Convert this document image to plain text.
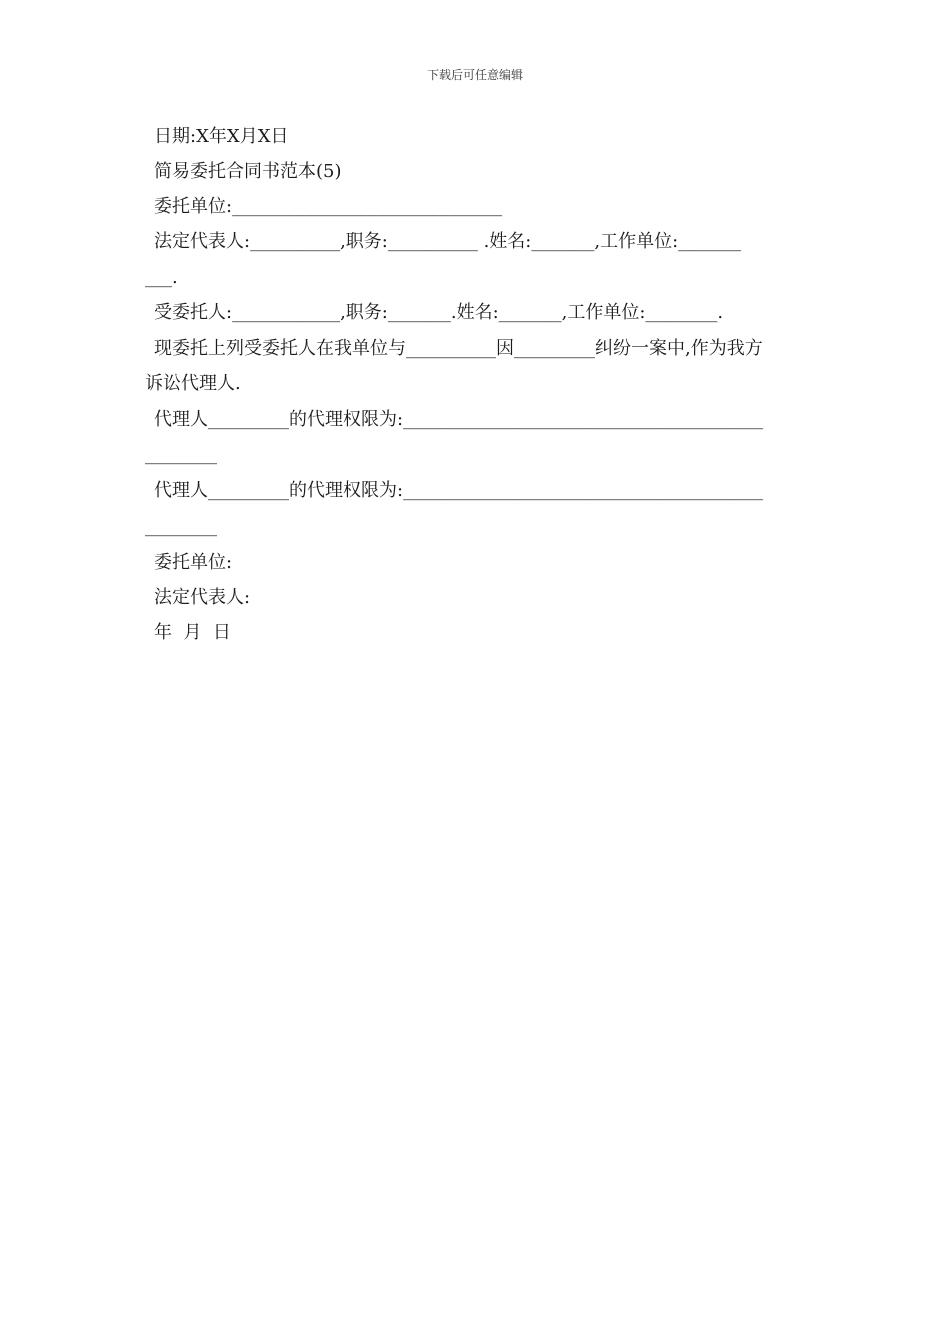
下载后可任意编辑
日期:X年X月X日
简易委托合同书范本(5)
委托单位:______________________________
法定代表人:__________,职务:__________ .姓名:_______,工作单位:_______
___.
受委托人:____________,职务:_______.姓名:_______,工作单位:________.
现委托上列受委托人在我单位与__________因_________纠纷一案中,作为我方
诉讼代理人.
代理人_________的代理权限为:________________________________________
________
代理人_________的代理权限为:________________________________________
________
委托单位:
法定代表人:
年  月  日
